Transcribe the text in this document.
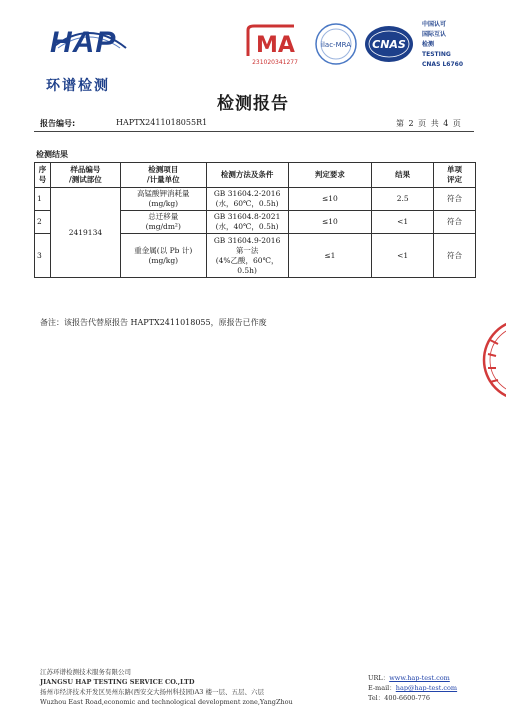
HAP
环谱检测
MA
231020341277
ilac-MRA CNAS
中国认可
国际互认
检测
TESTING
CNAS L6760
检测报告
报告编号:	HAPTX2411018055R1	第 2 页 共 4 页
检测结果
序
号	样品编号
/测试部位	检测项目
/计量单位	检测方法及条件	判定要求	结果	单项
评定
1	2419134	高锰酸钾消耗量
(mg/kg)	GB 31604.2-2016
(水，60℃，0.5h)	≤10	2.5	符合
2		总迁移量
(mg/dm²)	GB 31604.8-2021
(水，40℃，0.5h)	≤10	<1	符合
3		重金属(以 Pb 计)
(mg/kg)	GB 31604.9-2016
第一法
(4%乙酸，60℃，
0.5h)	≤1	<1	符合
备注：该报告代替原报告 HAPTX2411018055，原报告已作废
江苏环谱检测技术服务有限公司
JIANGSU HAP TESTING SERVICE CO.,LTD
扬州市经济技术开发区吴州东路(西安交大扬州科技园)A3 楼一层、五层、六层
Wuzhou East Road,economic and technological development zone,YangZhou
URL：www.hap-test.com
E-mail：hap@hap-test.com
Tel：400-6600-776
